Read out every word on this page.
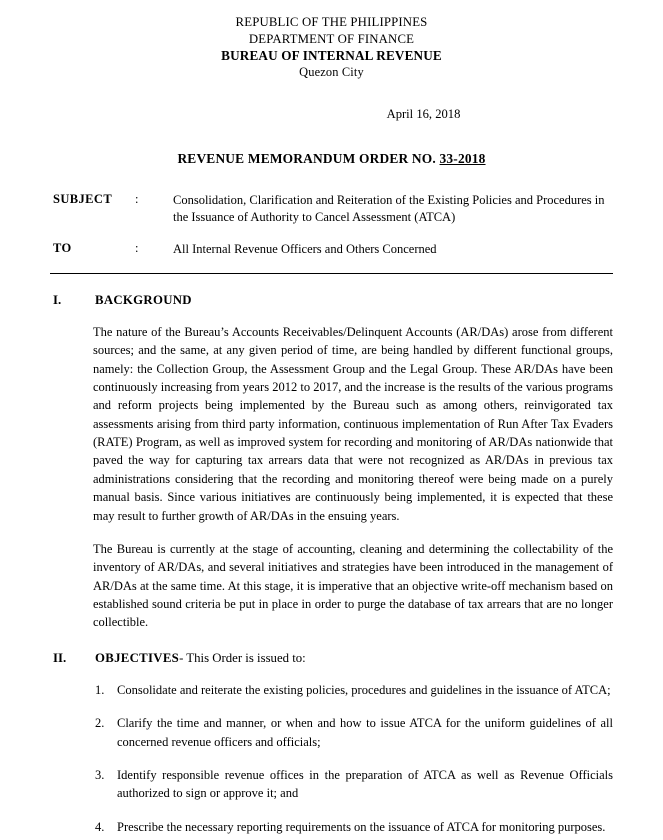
REPUBLIC OF THE PHILIPPINES
DEPARTMENT OF FINANCE
BUREAU OF INTERNAL REVENUE
Quezon City
April 16, 2018
REVENUE MEMORANDUM ORDER NO. 33-2018
SUBJECT	:	Consolidation, Clarification and Reiteration of the Existing Policies and Procedures in the Issuance of Authority to Cancel Assessment (ATCA)
TO	:	All Internal Revenue Officers and Others Concerned
I.	BACKGROUND

The nature of the Bureau’s Accounts Receivables/Delinquent Accounts (AR/DAs) arose from different sources; and the same, at any given period of time, are being handled by different functional groups, namely: the Collection Group, the Assessment Group and the Legal Group. These AR/DAs have been continuously increasing from years 2012 to 2017, and the increase is the results of the various programs and reform projects being implemented by the Bureau such as among others, reinvigorated tax assessments arising from third party information, continuous implementation of Run After Tax Evaders (RATE) Program, as well as improved system for recording and monitoring of AR/DAs nationwide that paved the way for capturing tax arrears data that were not recognized as AR/DAs in previous tax administrations considering that the recording and monitoring thereof were being made on a purely manual basis. Since various initiatives are continuously being implemented, it is expected that these may result to further growth of AR/DAs in the ensuing years.

The Bureau is currently at the stage of accounting, cleaning and determining the collectability of the inventory of AR/DAs, and several initiatives and strategies have been introduced in the management of AR/DAs at the same time. At this stage, it is imperative that an objective write-off mechanism based on established sound criteria be put in place in order to purge the database of tax arrears that are no longer collectible.

II.	OBJECTIVES - This Order is issued to:
1.	Consolidate and reiterate the existing policies, procedures and guidelines in the issuance of ATCA;
2.	Clarify the time and manner, or when and how to issue ATCA for the uniform guidelines of all concerned revenue officers and officials;
3.	Identify responsible revenue offices in the preparation of ATCA as well as Revenue Officials authorized to sign or approve it; and
4.	Prescribe the necessary reporting requirements on the issuance of ATCA for monitoring purposes.
